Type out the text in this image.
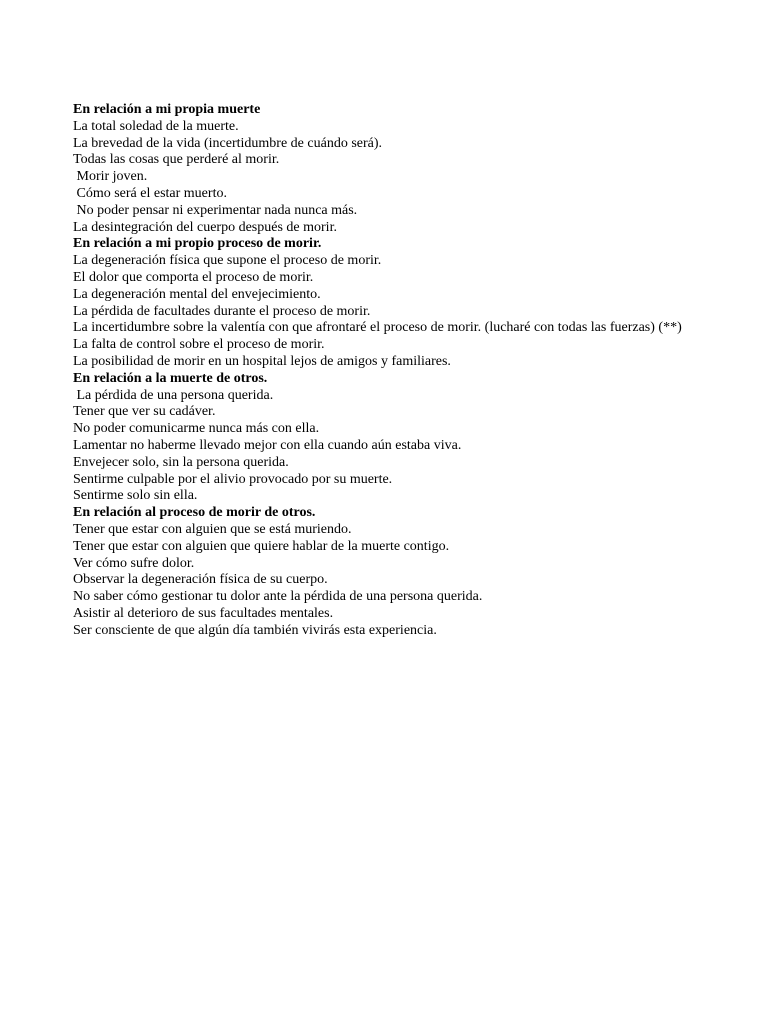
En relación a mi propia muerte
La total soledad de la muerte.
La brevedad de la vida (incertidumbre de cuándo será).
Todas las cosas que perderé al morir.
Morir joven.
Cómo será el estar muerto.
No poder pensar ni experimentar nada nunca más.
La desintegración del cuerpo después de morir.
En relación a mi propio proceso de morir.
La degeneración física que supone el proceso de morir.
El dolor que comporta el proceso de morir.
La degeneración mental del envejecimiento.
La pérdida de facultades durante el proceso de morir.
La incertidumbre sobre la valentía con que afrontaré el proceso de morir. (lucharé con todas las fuerzas) (**)
La falta de control sobre el proceso de morir.
La posibilidad de morir en un hospital lejos de amigos y familiares.
En relación a la muerte de otros.
La pérdida de una persona querida.
Tener que ver su cadáver.
No poder comunicarme nunca más con ella.
Lamentar no haberme llevado mejor con ella cuando aún estaba viva.
Envejecer solo, sin la persona querida.
Sentirme culpable por el alivio provocado por su muerte.
Sentirme solo sin ella.
En relación al proceso de morir de otros.
Tener que estar con alguien que se está muriendo.
Tener que estar con alguien que quiere hablar de la muerte contigo.
Ver cómo sufre dolor.
Observar la degeneración física de su cuerpo.
No saber cómo gestionar tu dolor ante la pérdida de una persona querida.
Asistir al deterioro de sus facultades mentales.
Ser consciente de que algún día también vivirás esta experiencia.
